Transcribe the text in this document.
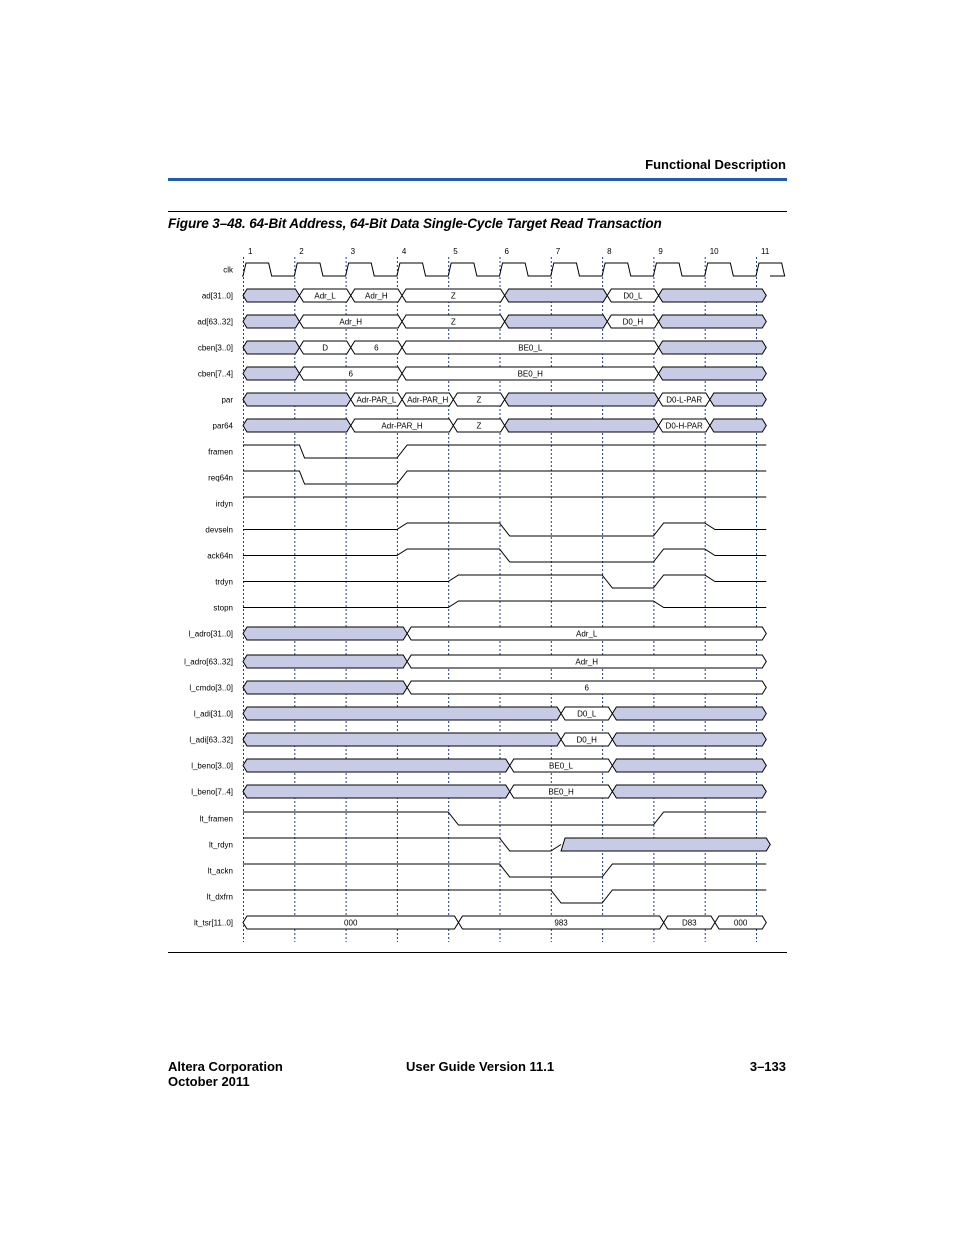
Functional Description
Figure 3–48. 64-Bit Address, 64-Bit Data Single-Cycle Target Read Transaction
1	2	3	4	5	6	7	8	9	10	11
clk
ad[31..0]	Adr_L	Adr_H	Z	D0_L
ad[63..32]	Adr_H	Z	D0_H
cben[3..0]	D	6	BE0_L
cben[7..4]	6	BE0_H
par	Adr-PAR_L Adr-PAR_H	Z	D0-L-PAR
par64	Adr-PAR_H	Z	D0-H-PAR
framen
req64n
irdyn
devseln
ack64n
trdyn
stopn
l_adro[31..0]	Adr_L
l_adro[63..32]	Adr_H
l_cmdo[3..0]	6
l_adi[31..0]	D0_L
l_adi[63..32]	D0_H
l_beno[3..0]	BE0_L
l_beno[7..4]	BE0_H
lt_framen
lt_rdyn
lt_ackn
lt_dxfrn
lt_tsr[11..0]	000	983	D83	000
Altera Corporation
October 2011
User Guide Version 11.1	3–133
